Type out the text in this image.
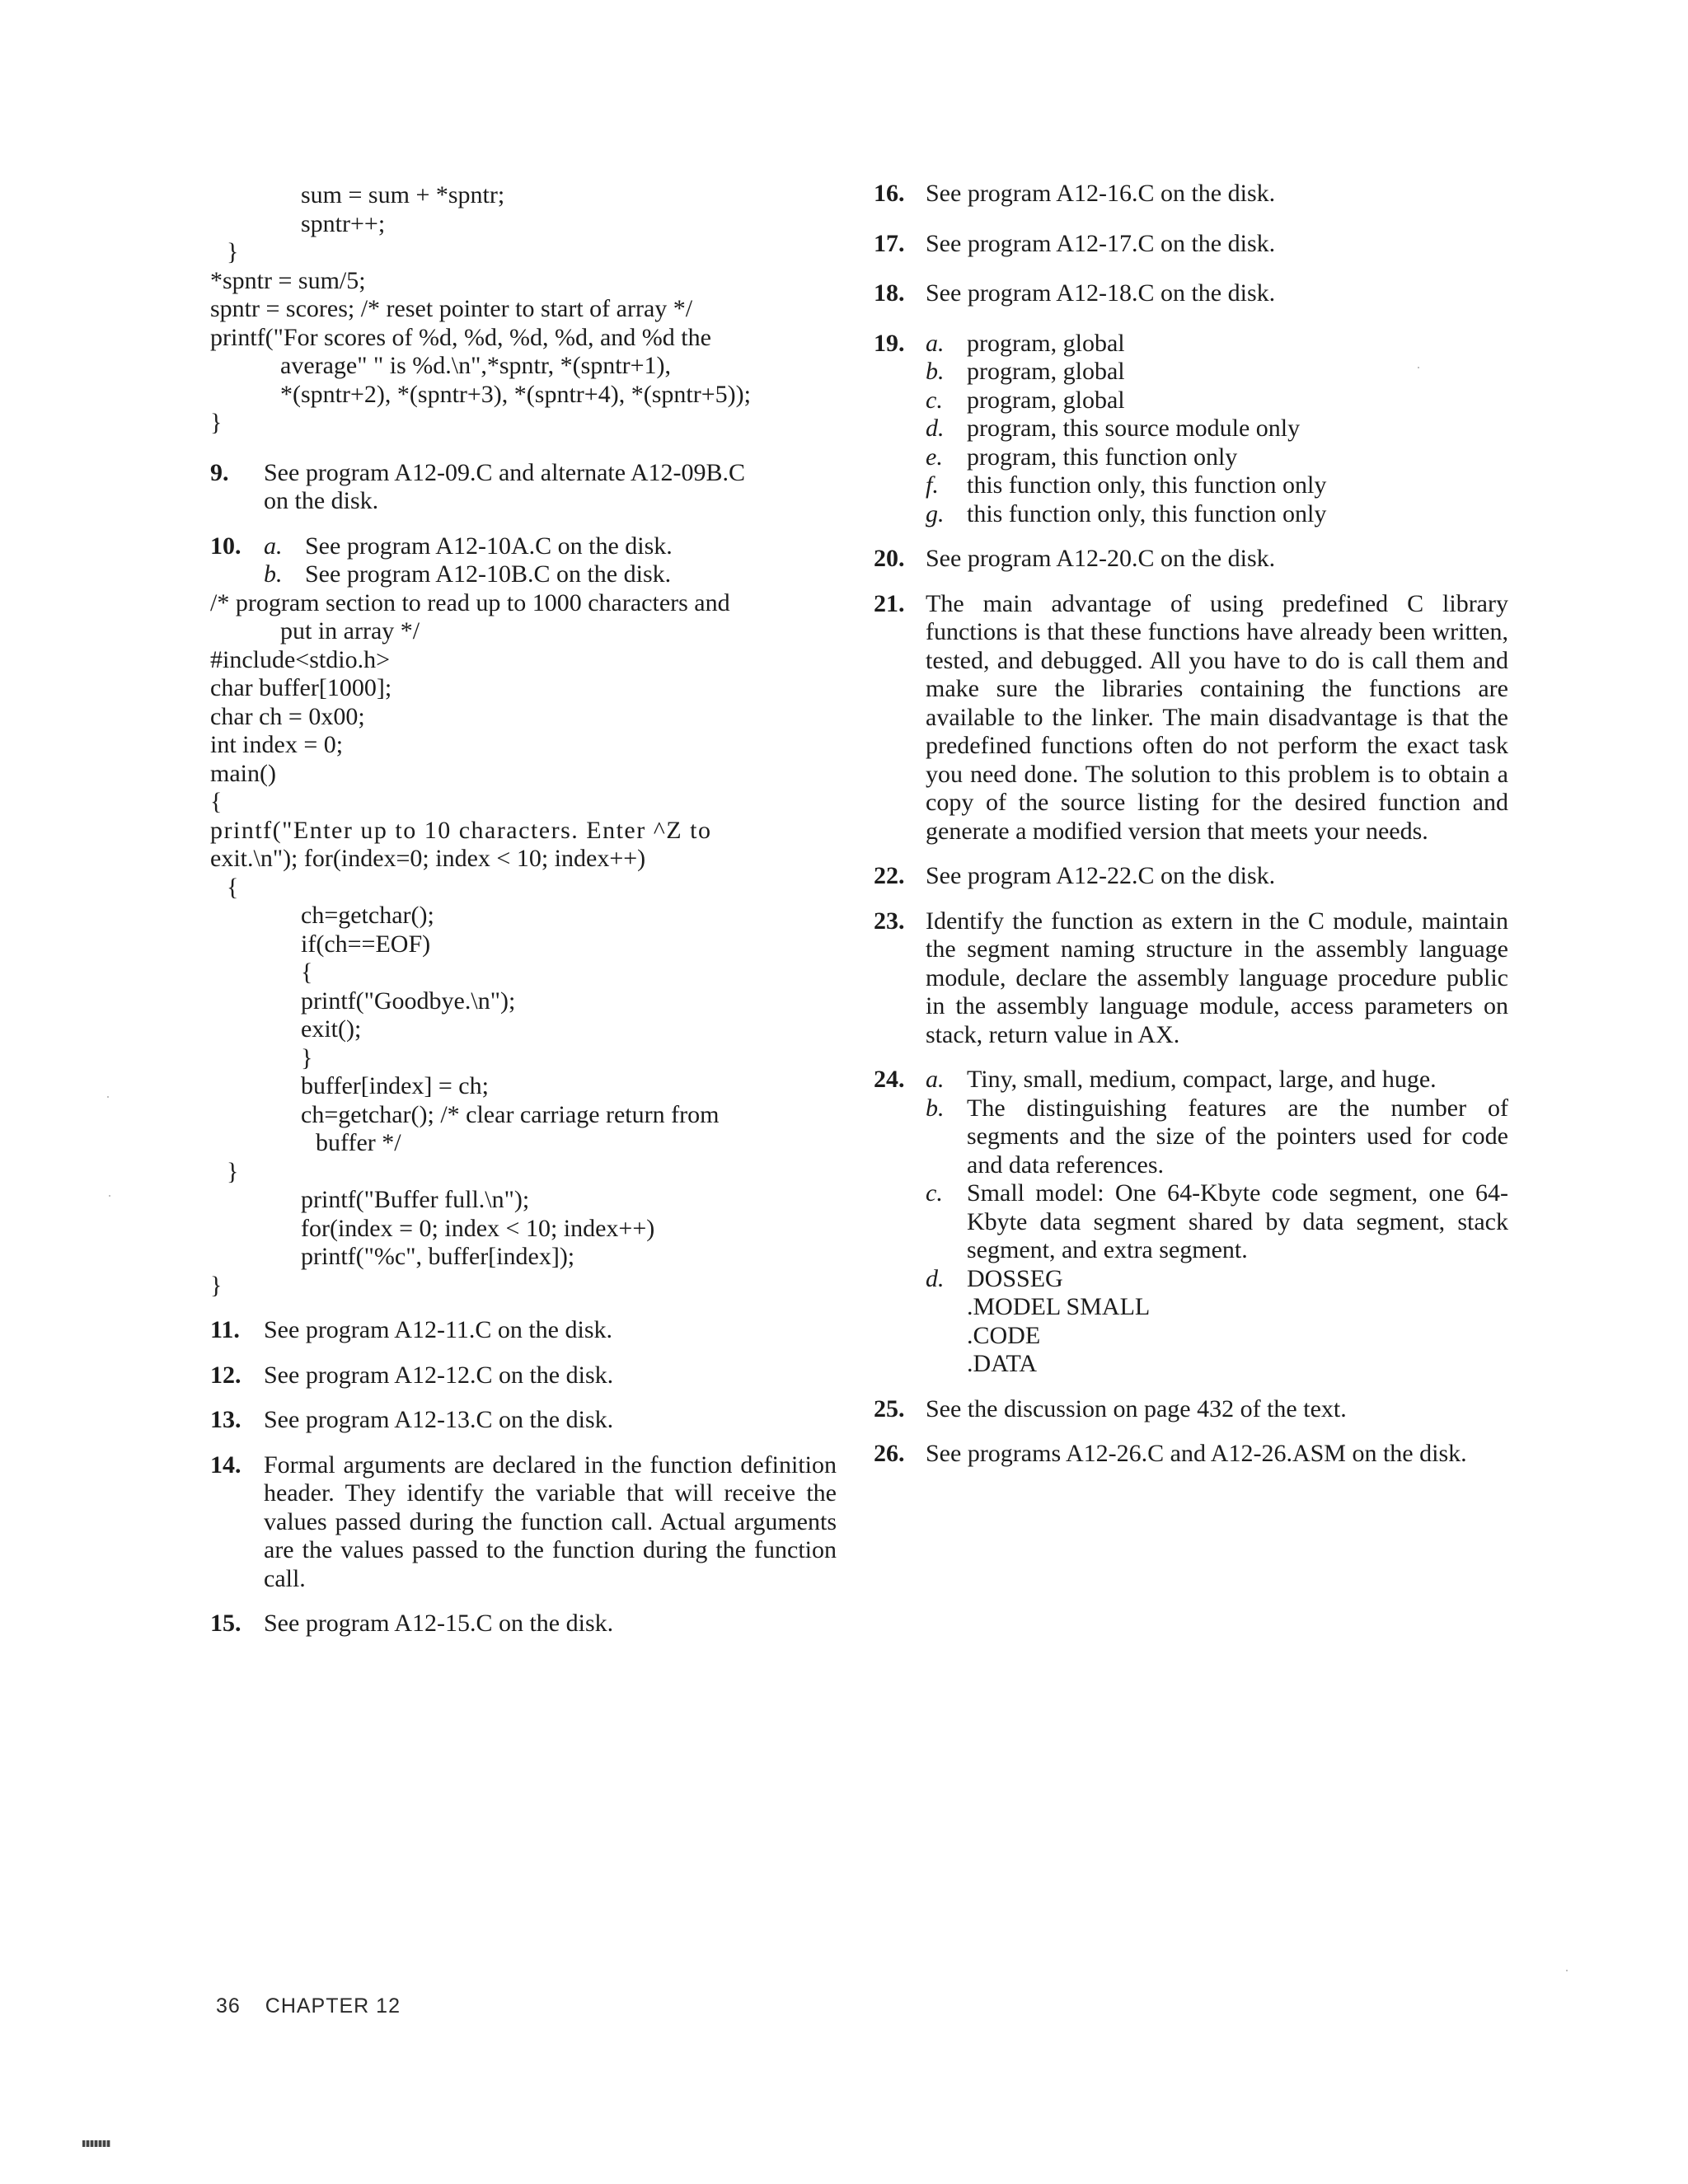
sum = sum + *spntr;
spntr++;
}
*spntr = sum/5;
spntr = scores; /* reset pointer to start of array */
printf("For scores of %d, %d, %d, %d, and %d the
average" " is %d.\n",*spntr, *(spntr+1),
*(spntr+2), *(spntr+3), *(spntr+4), *(spntr+5));
}
9.	See program A12-09.C and alternate A12-09B.C
on the disk.
10. a. See program A12-10A.C on the disk.
b. See program A12-10B.C on the disk.
/* program section to read up to 1000 characters and
put in array */
#include<stdio.h>
char buffer[1000];
char ch = 0x00;
int index = 0;
main()
{
printf("Enter up to 10 characters. Enter ^Z to
exit.\n"); for(index=0; index < 10; index++)
{
ch=getchar();
if(ch==EOF)
{
printf("Goodbye.\n");
exit();
}
buffer[index] = ch;
ch=getchar(); /* clear carriage return from
buffer */
}
printf("Buffer full.\n");
for(index = 0; index < 10; index++)
printf("%c", buffer[index]);
}
11. See program A12-11.C on the disk.
12. See program A12-12.C on the disk.
13. See program A12-13.C on the disk.
14. Formal arguments are declared in the function definition header. They identify the variable that will receive the values passed during the function call. Actual arguments are the values passed to the function during the function call.
15. See program A12-15.C on the disk.
16. See program A12-16.C on the disk.
17. See program A12-17.C on the disk.
18. See program A12-18.C on the disk.
19. a. program, global
b. program, global
c. program, global
d. program, this source module only
e. program, this function only
f. this function only, this function only
g. this function only, this function only
20. See program A12-20.C on the disk.
21. The main advantage of using predefined C library functions is that these functions have already been written, tested, and debugged. All you have to do is call them and make sure the libraries containing the functions are available to the linker. The main disadvantage is that the predefined functions often do not perform the exact task you need done. The solution to this problem is to obtain a copy of the source listing for the desired function and generate a modified version that meets your needs.
22. See program A12-22.C on the disk.
23. Identify the function as extern in the C module, maintain the segment naming structure in the assembly language module, declare the assembly language procedure public in the assembly language module, access parameters on stack, return value in AX.
24. a. Tiny, small, medium, compact, large, and huge.
b. The distinguishing features are the number of segments and the size of the pointers used for code and data references.
c. Small model: One 64-Kbyte code segment, one 64-Kbyte data segment shared by data segment, stack segment, and extra segment.
d. DOSSEG
.MODEL SMALL
.CODE
.DATA
25. See the discussion on page 432 of the text.
26. See programs A12-26.C and A12-26.ASM on the disk.
36 CHAPTER 12
